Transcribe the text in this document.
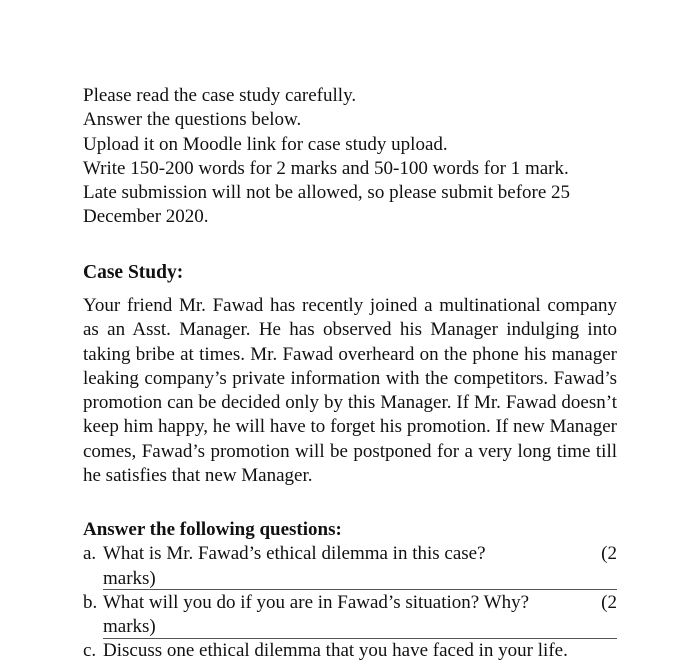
Please read the case study carefully.

Answer the questions below.

Upload it on Moodle link for case study upload.

Write 150-200 words for 2 marks and 50-100 words for 1 mark.

Late submission will not be allowed, so please submit before 25

December 2020.

Case Study:
Your friend Mr. Fawad has recently joined a multinational company as an Asst. Manager. He has observed his Manager indulging into taking bribe at times. Mr. Fawad overheard on the phone his manager leaking company’s private information with the competitors. Fawad’s promotion can be decided only by this Manager. If Mr. Fawad doesn’t keep him happy, he will have to forget his promotion. If new Manager comes, Fawad’s promotion will be postponed for a very long time till he satisfies that new Manager.

Answer the following questions:

a. What is Mr. Fawad’s ethical dilemma in this case?	(2
marks)
b. What will you do if you are in Fawad’s situation? Why?	(2
marks)
c. Discuss one ethical dilemma that you have faced in your life.
